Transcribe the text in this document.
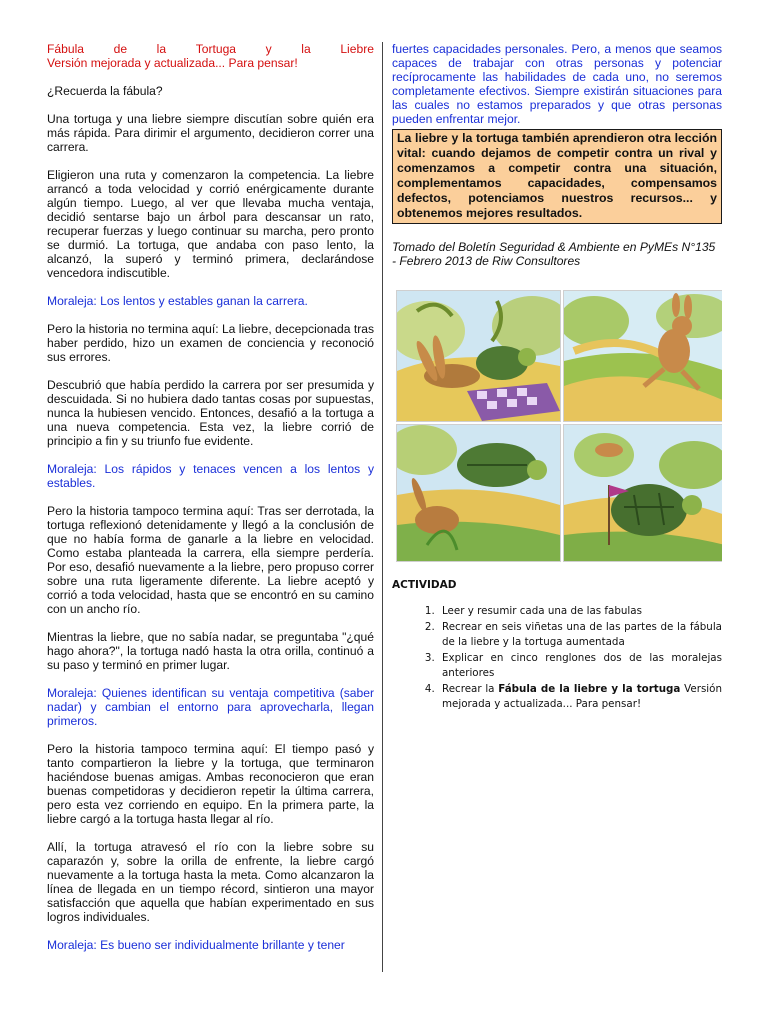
Fábula de la Tortuga y la Liebre

Versión mejorada y actualizada... Para pensar!

¿Recuerda la fábula?

Una tortuga y una liebre siempre discutían sobre quién era más rápida. Para dirimir el argumento, decidieron correr una carrera.

Eligieron una ruta y comenzaron la competencia. La liebre arrancó a toda velocidad y corrió enérgicamente durante algún tiempo. Luego, al ver que llevaba mucha ventaja, decidió sentarse bajo un árbol para descansar un rato, recuperar fuerzas y luego continuar su marcha, pero pronto se durmió. La tortuga, que andaba con paso lento, la alcanzó, la superó y terminó primera, declarándose vencedora indiscutible.

Moraleja: Los lentos y estables ganan la carrera.

Pero la historia no termina aquí: La liebre, decepcionada tras haber perdido, hizo un examen de conciencia y reconoció sus errores.

Descubrió que había perdido la carrera por ser presumida y descuidada. Si no hubiera dado tantas cosas por supuestas, nunca la hubiesen vencido. Entonces, desafió a la tortuga a una nueva competencia. Esta vez, la liebre corrió de principio a fin y su triunfo fue evidente.

Moraleja: Los rápidos y tenaces vencen a los lentos y estables.

Pero la historia tampoco termina aquí: Tras ser derrotada, la tortuga reflexionó detenidamente y llegó a la conclusión de que no había forma de ganarle a la liebre en velocidad. Como estaba planteada la carrera, ella siempre perdería. Por eso, desafió nuevamente a la liebre, pero propuso correr sobre una ruta ligeramente diferente. La liebre aceptó y corrió a toda velocidad, hasta que se encontró en su camino con un ancho río.

Mientras la liebre, que no sabía nadar, se preguntaba "¿qué hago ahora?", la tortuga nadó hasta la otra orilla, continuó a su paso y terminó en primer lugar.

Moraleja: Quienes identifican su ventaja competitiva (saber nadar) y cambian el entorno para aprovecharla, llegan primeros.

Pero la historia tampoco termina aquí: El tiempo pasó y tanto compartieron la liebre y la tortuga, que terminaron haciéndose buenas amigas. Ambas reconocieron que eran buenas competidoras y decidieron repetir la última carrera, pero esta vez corriendo en equipo. En la primera parte, la liebre cargó a la tortuga hasta llegar al río.

Allí, la tortuga atravesó el río con la liebre sobre su caparazón y, sobre la orilla de enfrente, la liebre cargó nuevamente a la tortuga hasta la meta. Como alcanzaron la línea de llegada en un tiempo récord, sintieron una mayor satisfacción que aquella que habían experimentado en sus logros individuales.

Moraleja: Es bueno ser individualmente brillante y tener

fuertes capacidades personales. Pero, a menos que seamos capaces de trabajar con otras personas y potenciar recíprocamente las habilidades de cada uno, no seremos completamente efectivos. Siempre existirán situaciones para las cuales no estamos preparados y que otras personas pueden enfrentar mejor.

La liebre y la tortuga también aprendieron otra lección vital: cuando dejamos de competir contra un rival y comenzamos a competir contra una situación, complementamos capacidades, compensamos defectos, potenciamos nuestros recursos... y obtenemos mejores resultados.

Tomado del Boletín Seguridad & Ambiente en PyMEs N°135 - Febrero 2013 de Riw Consultores

ACTIVIDAD
1. Leer y resumir cada una de las fabulas
2. Recrear en seis viñetas una de las partes de la fábula de la liebre y la tortuga aumentada
3. Explicar en cinco renglones dos de las moralejas anteriores
4. Recrear la Fábula de la liebre y la tortuga Versión mejorada y actualizada... Para pensar!
